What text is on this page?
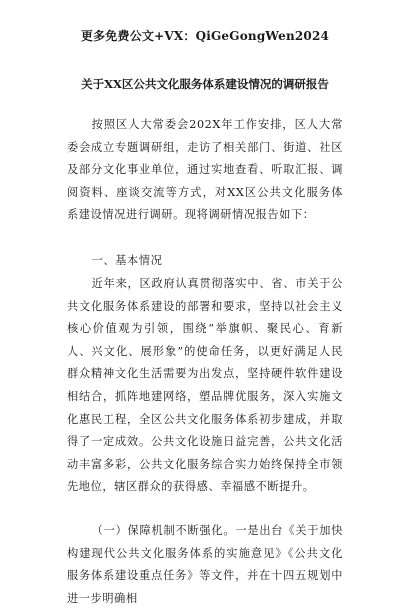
更多免费公文+VX：QiGeGongWen2024
关于XX区公共文化服务体系建设情况的调研报告

按照区人大常委会202X年工作安排，区人大常委会成立专题调研组，走访了相关部门、街道、社区及部分文化事业单位，通过实地查看、听取汇报、调阅资料、座谈交流等方式，对XX区公共文化服务体系建设情况进行调研。现将调研情况报告如下：

一、基本情况

近年来，区政府认真贯彻落实中、省、市关于公共文化服务体系建设的部署和要求，坚持以社会主义核心价值观为引领，围绕“举旗帜、聚民心、育新人、兴文化、展形象”的使命任务，以更好满足人民群众精神文化生活需要为出发点，坚持硬件软件建设相结合，抓阵地建网络，塑品牌优服务，深入实施文化惠民工程，全区公共文化服务体系初步建成，并取得了一定成效。公共文化设施日益完善，公共文化活动丰富多彩，公共文化服务综合实力始终保持全市领先地位，辖区群众的获得感、幸福感不断提升。

（一）保障机制不断强化。一是出台《关于加快构建现代公共文化服务体系的实施意见》《公共文化服务体系建设重点任务》等文件，并在十四五规划中进一步明确相
